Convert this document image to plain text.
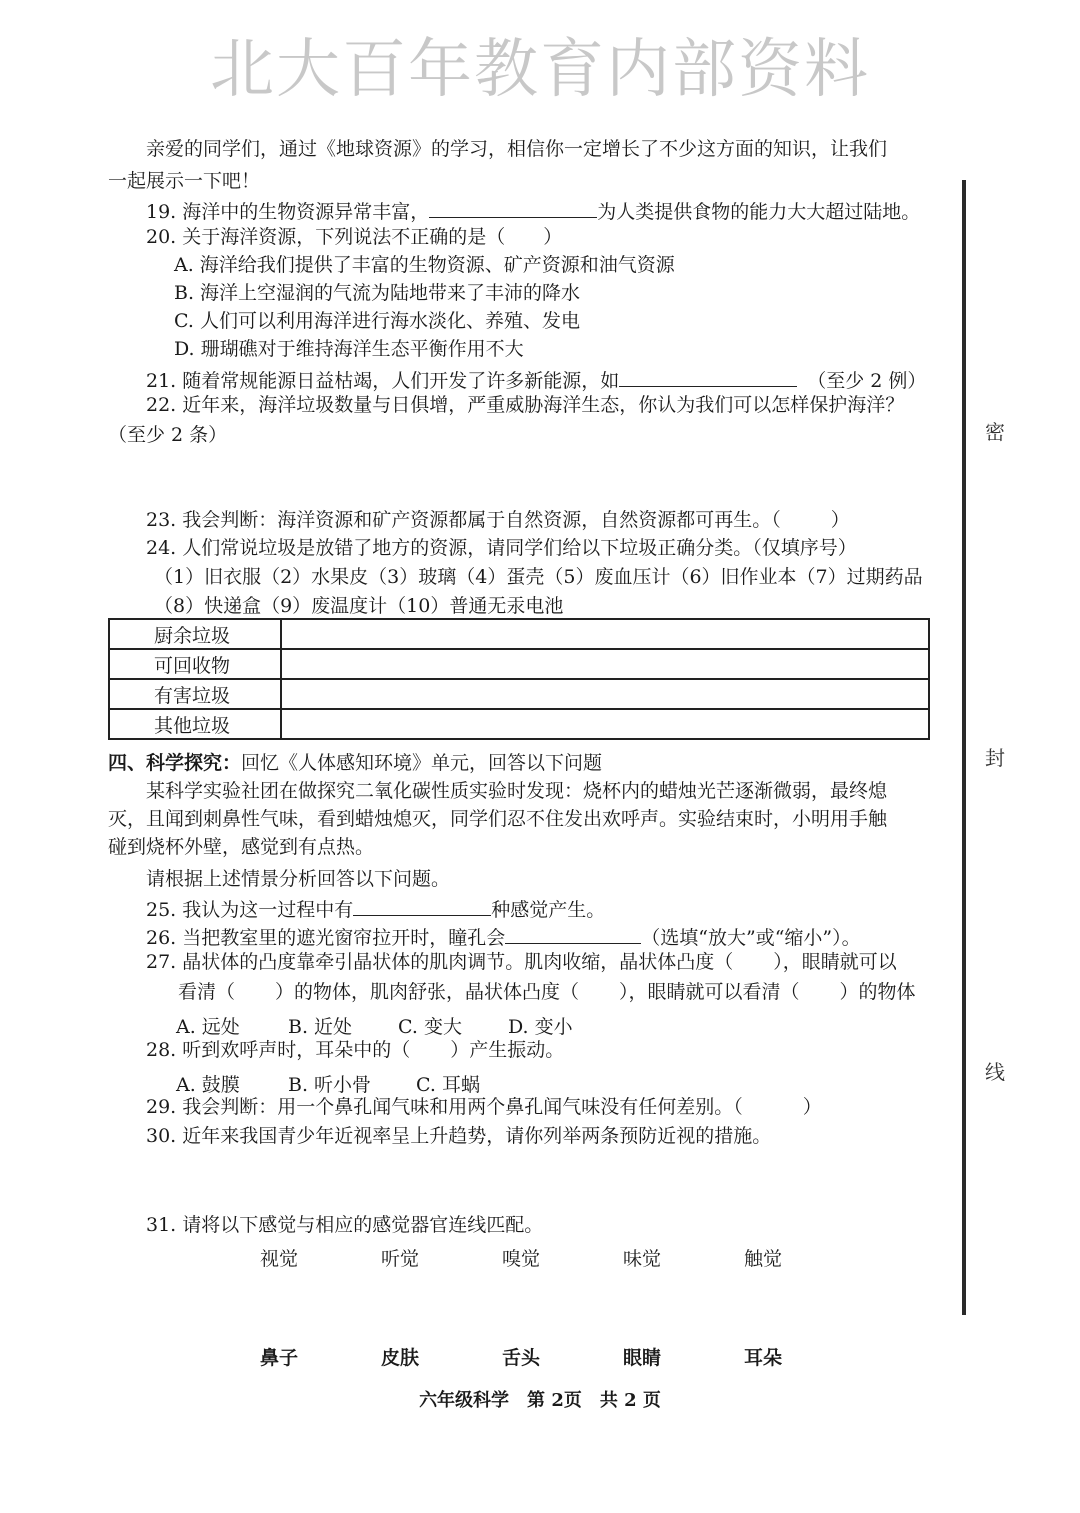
北大百年教育内部资料
亲爱的同学们，通过《地球资源》的学习，相信你一定增长了不少这方面的知识，让我们
一起展示一下吧！
19. 海洋中的生物资源异常丰富，	为人类提供食物的能力大大超过陆地。
20. 关于海洋资源，下列说法不正确的是（ ）
A. 海洋给我们提供了丰富的生物资源、矿产资源和油气资源
B. 海洋上空湿润的气流为陆地带来了丰沛的降水
C. 人们可以利用海洋进行海水淡化、养殖、发电
D. 珊瑚礁对于维持海洋生态平衡作用不大
21. 随着常规能源日益枯竭，人们开发了许多新能源，如	（至少 2 例）
22. 近年来，海洋垃圾数量与日俱增，严重威胁海洋生态，你认为我们可以怎样保护海洋？
（至少 2 条）
23. 我会判断：海洋资源和矿产资源都属于自然资源，自然资源都可再生。（	）
24. 人们常说垃圾是放错了地方的资源，请同学们给以下垃圾正确分类。（仅填序号）
（1）旧衣服（2）水果皮（3）玻璃（4）蛋壳（5）废血压计（6）旧作业本（7）过期药品
（8）快递盒（9）废温度计（10）普通无汞电池
厨余垃圾	
可回收物	
有害垃圾	
其他垃圾	
四、科学探究：回忆《人体感知环境》单元，回答以下问题
某科学实验社团在做探究二氧化碳性质实验时发现：烧杯内的蜡烛光芒逐渐微弱，最终熄
灭，且闻到刺鼻性气味，看到蜡烛熄灭，同学们忍不住发出欢呼声。实验结束时，小明用手触
碰到烧杯外壁，感觉到有点热。
请根据上述情景分析回答以下问题。
25. 我认为这一过程中有	种感觉产生。
26. 当把教室里的遮光窗帘拉开时，瞳孔会	（选填“放大”或“缩小”）。
27. 晶状体的凸度靠牵引晶状体的肌肉调节。肌肉收缩，晶状体凸度（ ），眼睛就可以
看清（ ）的物体，肌肉舒张，晶状体凸度（ ），眼睛就可以看清（ ）的物体
A. 远处	B. 近处 C. 变大 D. 变小
28. 听到欢呼声时，耳朵中的（ ）产生振动。
A. 鼓膜	B. 听小骨 C. 耳蜗
29. 我会判断：用一个鼻孔闻气味和用两个鼻孔闻气味没有任何差别。（	）
30. 近年来我国青少年近视率呈上升趋势，请你列举两条预防近视的措施。
31. 请将以下感觉与相应的感觉器官连线匹配。
视觉	听觉	嗅觉	味觉	触觉
鼻子	皮肤	舌头	眼睛	耳朵
密
封
线
六年级科学　第 2页　共 2 页
